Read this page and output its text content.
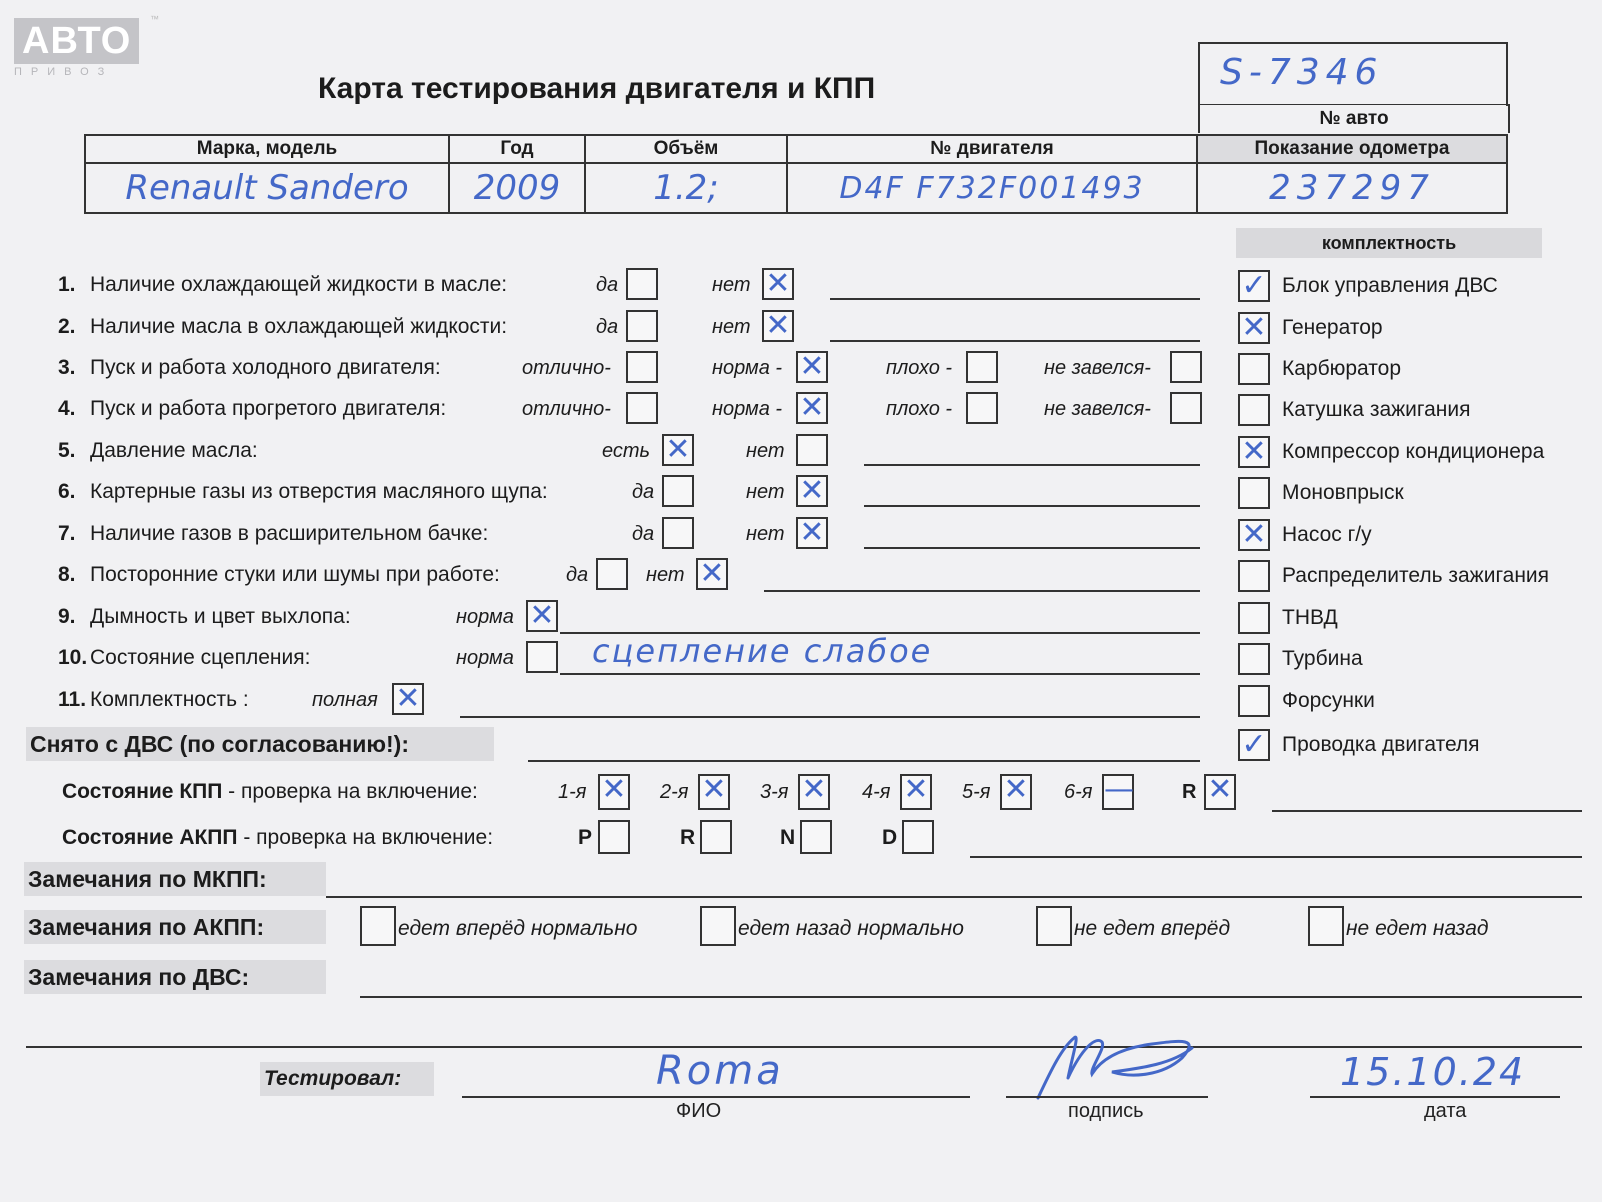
АВТО
ПРИВОЗ
™
Карта тестирования двигателя и КПП	S-7346
№ авто
Марка, модель	Год	Объём	№ двигателя	Показание одометра
Renault Sandero	2009	1.2;	D4F F732F001493	237297
комплектность
✓ Блок управления ДВС
✕ Генератор
Карбюратор
Катушка зажигания
✕ Компрессор кондиционера
Моновпрыск
✕ Насос г/у
Распределитель зажигания
ТНВД
Турбина
Форсунки
✓ Проводка двигателя
1. Наличие охлаждающей жидкости в масле:	да	нет ✕
2. Наличие масла в охлаждающей жидкости:	да	нет ✕
3. Пуск и работа холодного двигателя:	отлично-	норма - ✕	плохо -	не завелся-
4. Пуск и работа прогретого двигателя:	отлично-	норма - ✕	плохо -	не завелся-
5. Давление масла:	есть ✕	нет
6. Картерные газы из отверстия масляного щупа:	да	нет ✕
7. Наличие газов в расширительном бачке:	да	нет ✕
8. Посторонние стуки или шумы при работе:	да	нет ✕
9. Дымность и цвет выхлопа:	норма ✕
10. Состояние сцепления:	норма сцепление слабое
11. Комплектность :	полная ✕
Снято с ДВС (по согласованию!):
Состояние КПП - проверка на включение:	1-я ✕ 2-я ✕ 3-я ✕ 4-я ✕ 5-я ✕ 6-я — R ✕
Состояние АКПП - проверка на включение:	P	R	N	D
Замечания по МКПП:
Замечания по АКПП:	едет вперёд нормально	едет назад нормально	не едет вперёд	не едет назад
Замечания по ДВС:
Тестировал:	Roma
ФИО	подпись
15.10.24
дата
